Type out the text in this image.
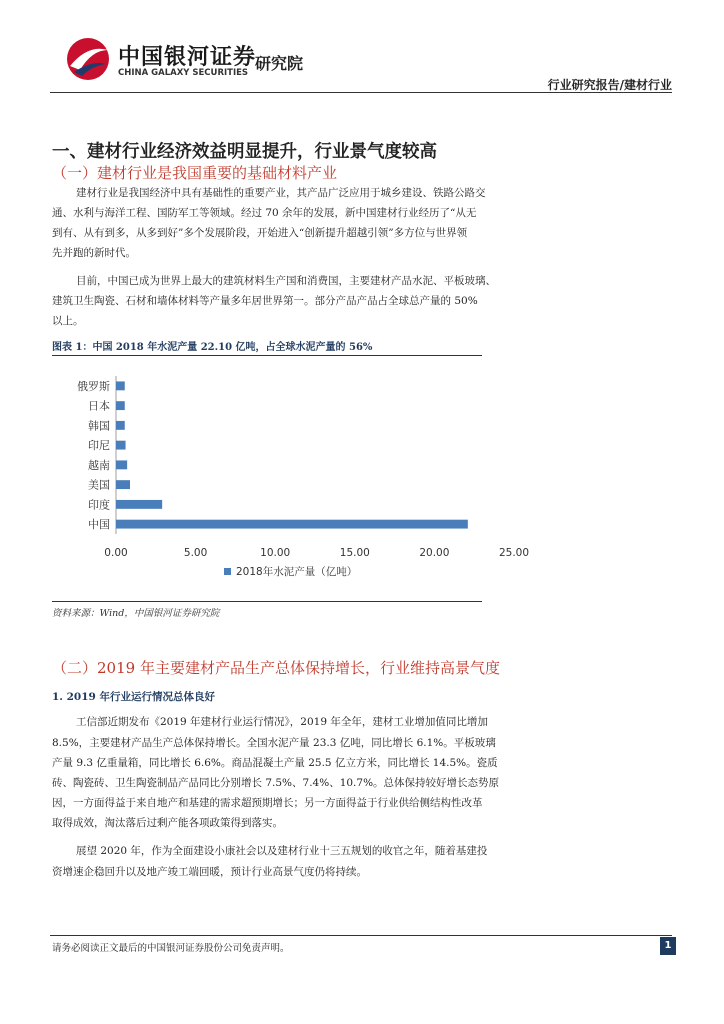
中国银河证券
CHINA GALAXY SECURITIES 研究院
行业研究报告/建材行业
一、建材行业经济效益明显提升，行业景气度较高
（一）建材行业是我国重要的基础材料产业

建材行业是我国经济中具有基础性的重要产业，其产品广泛应用于城乡建设、铁路公路交

通、水利与海洋工程、国防军工等领域。经过 70 余年的发展，新中国建材行业经历了“从无
到有、从有到多，从多到好”多个发展阶段，开始进入“创新提升超越引领”多方位与世界领
先并跑的新时代。

目前，中国已成为世界上最大的建筑材料生产国和消费国，主要建材产品水泥、平板玻璃、

建筑卫生陶瓷、石材和墙体材料等产量多年居世界第一。部分产品产品占全球总产量的 50%
以上。

图表 1：中国 2018 年水泥产量 22.10 亿吨，占全球水泥产量的 56%
俄罗斯
日本
韩国
印尼
越南
美国
印度
中国
0.00	5.00	10.00	15.00	20.00	25.00
2018年水泥产量（亿吨）
资料来源：Wind，中国银河证券研究院
（二）2019 年主要建材产品生产总体保持增长，行业维持高景气度
1. 2019 年行业运行情况总体良好

工信部近期发布《2019 年建材行业运行情况》，2019 年全年，建材工业增加值同比增加

8.5%，主要建材产品生产总体保持增长。全国水泥产量 23.3 亿吨，同比增长 6.1%。平板玻璃
产量 9.3 亿重量箱，同比增长 6.6%。商品混凝土产量 25.5 亿立方米，同比增长 14.5%。瓷质
砖、陶瓷砖、卫生陶瓷制品产品同比分别增长 7.5%、7.4%、10.7%。总体保持较好增长态势原
因，一方面得益于来自地产和基建的需求超预期增长；另一方面得益于行业供给侧结构性改革
取得成效，淘汰落后过剩产能各项政策得到落实。

展望 2020 年，作为全面建设小康社会以及建材行业十三五规划的收官之年，随着基建投

资增速企稳回升以及地产竣工端回暖，预计行业高景气度仍将持续。

请务必阅读正文最后的中国银河证券股份公司免责声明。	1
